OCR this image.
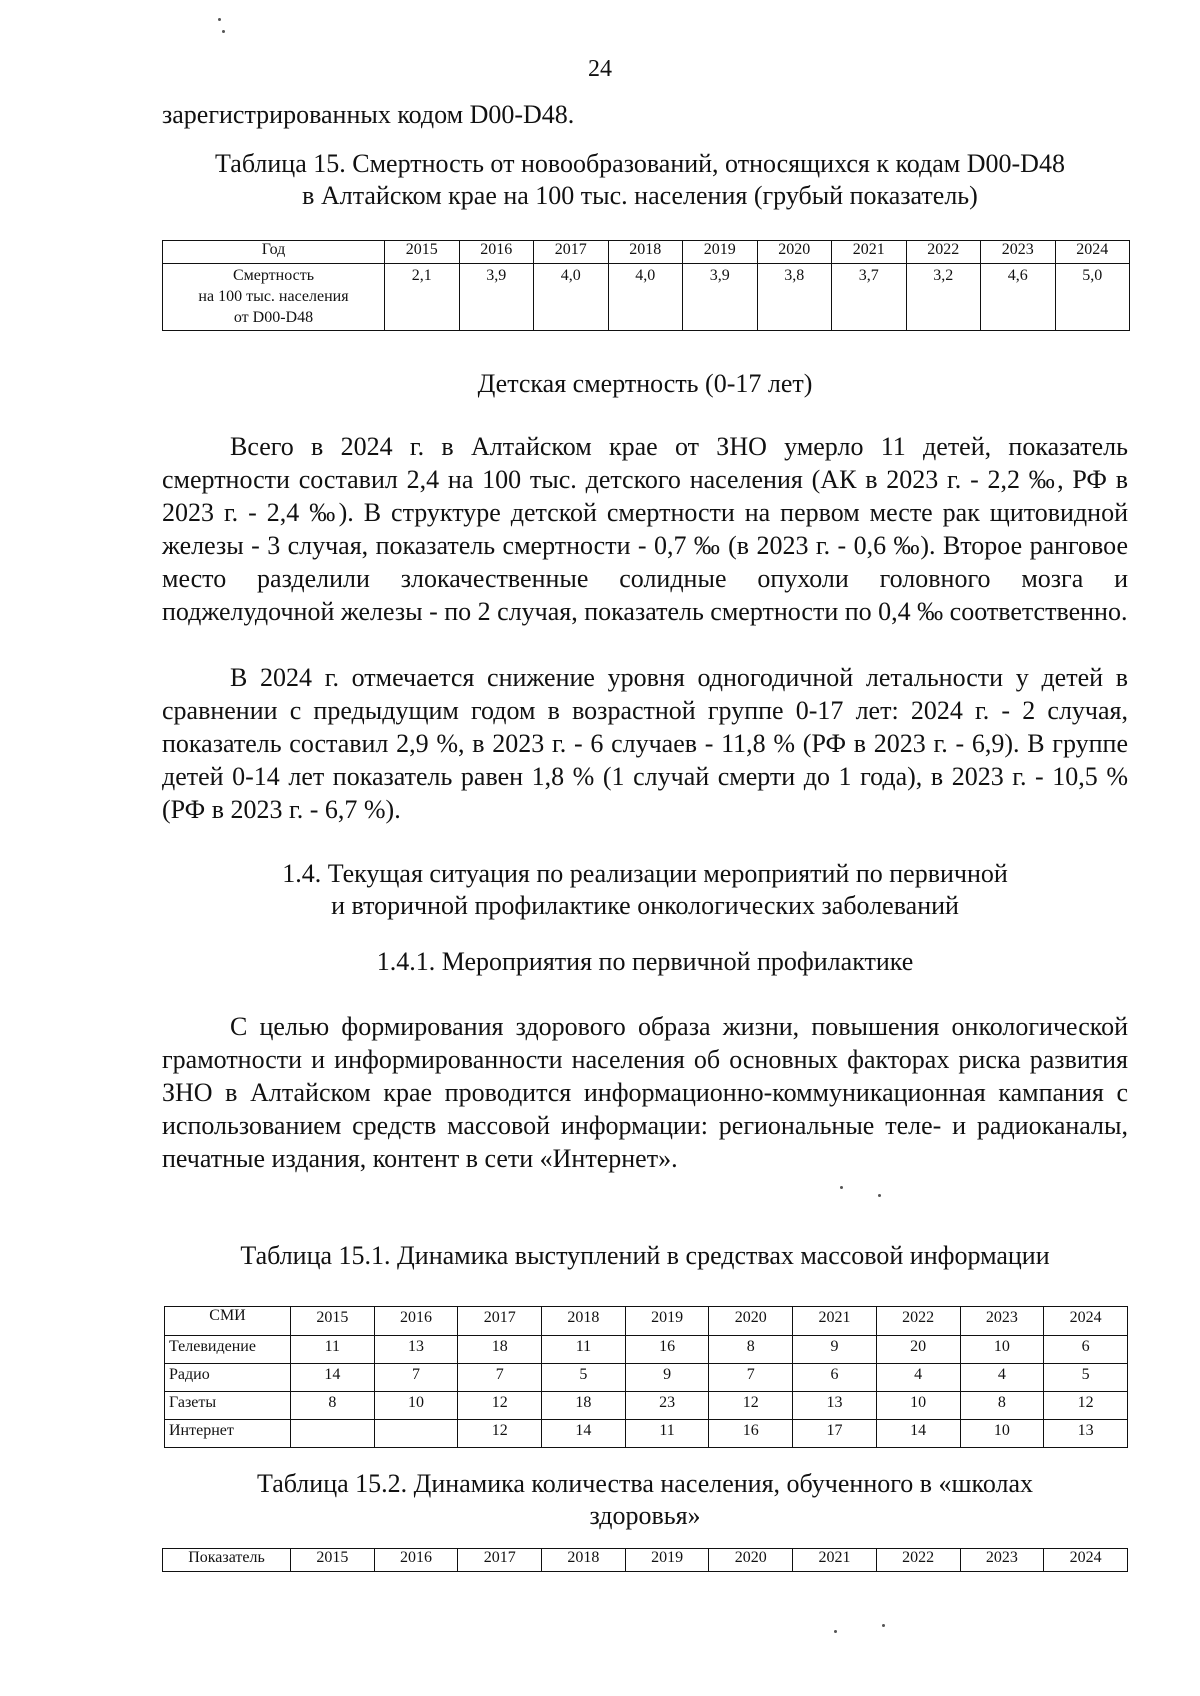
24
зарегистрированных кодом D00-D48.
Таблица 15. Смертность от новообразований, относящихся к кодам D00-D48
в Алтайском крае на 100 тыс. населения (грубый показатель)
Год	2015	2016	2017	2018	2019	2020	2021	2022	2023	2024

Смертность
на 100 тыс. населения
от D00-D48	2,1	3,9	4,0	4,0	3,9	3,8	3,7	3,2	4,6	5,0
Детская смертность (0-17 лет)
Всего в 2024 г. в Алтайском крае от ЗНО умерло 11 детей, показатель смертности составил 2,4 на 100 тыс. детского населения (АК в 2023 г. - 2,2 ‰, РФ в 2023 г. - 2,4 ‰). В структуре детской смертности на первом месте рак щитовидной железы - 3 случая, показатель смертности - 0,7 ‰ (в 2023 г. - 0,6 ‰). Второе ранговое место разделили злокачественные солидные опухоли головного мозга и поджелудочной железы - по 2 случая, показатель смертности по 0,4 ‰ соответственно.
В 2024 г. отмечается снижение уровня одногодичной летальности у детей в сравнении с предыдущим годом в возрастной группе 0-17 лет: 2024 г. - 2 случая, показатель составил 2,9 %, в 2023 г. - 6 случаев - 11,8 % (РФ в 2023 г. - 6,9). В группе детей 0-14 лет показатель равен 1,8 % (1 случай смерти до 1 года), в 2023 г. - 10,5 % (РФ в 2023 г. - 6,7 %).
1.4. Текущая ситуация по реализации мероприятий по первичной
и вторичной профилактике онкологических заболеваний
1.4.1. Мероприятия по первичной профилактике
С целью формирования здорового образа жизни, повышения онкологической грамотности и информированности населения об основных факторах риска развития ЗНО в Алтайском крае проводится информационно-коммуникационная кампания с использованием средств массовой информации: региональные теле- и радиоканалы, печатные издания, контент в сети «Интернет».
Таблица 15.1. Динамика выступлений в средствах массовой информации
СМИ	2015	2016	2017	2018	2019	2020	2021	2022	2023	2024
Телевидение	11	13	18	11	16	8	9	20	10	6
Радио	14	7	7	5	9	7	6	4	4	5
Газеты	8	10	12	18	23	12	13	10	8	12
Интернет			12	14	11	16	17	14	10	13
Таблица 15.2. Динамика количества населения, обученного в «школах
здоровья»
Показатель	2015	2016	2017	2018	2019	2020	2021	2022	2023	2024
